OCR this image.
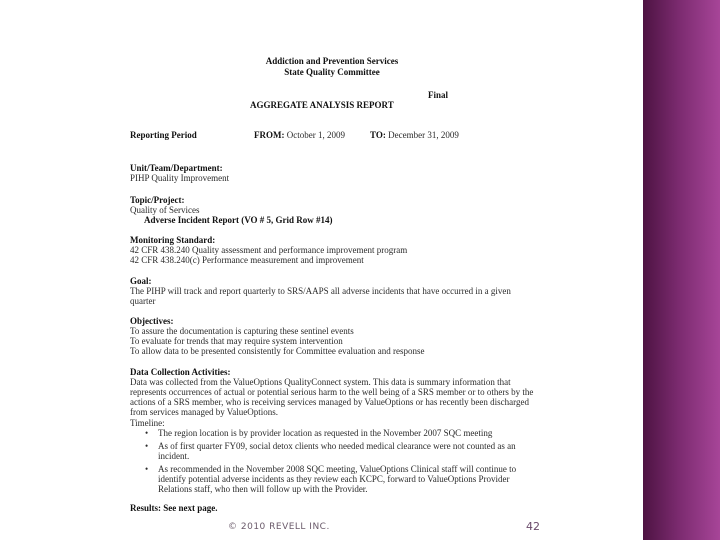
Addiction and Prevention Services
State Quality Committee
Final
AGGREGATE ANALYSIS REPORT
Reporting Period	FROM: October 1, 2009	TO: December 31, 2009
Unit/Team/Department:
PIHP Quality Improvement
Topic/Project:
Quality of Services
Adverse Incident Report (VO # 5, Grid Row #14)
Monitoring Standard:
42 CFR 438.240 Quality assessment and performance improvement program
42 CFR 438.240(c) Performance measurement and improvement
Goal:
The PIHP will track and report quarterly to SRS/AAPS all adverse incidents that have occurred in a given
quarter
Objectives:
To assure the documentation is capturing these sentinel events
To evaluate for trends that may require system intervention
To allow data to be presented consistently for Committee evaluation and response
Data Collection Activities:
Data was collected from the ValueOptions QualityConnect system. This data is summary information that
represents occurrences of actual or potential serious harm to the well being of a SRS member or to others by the
actions of a SRS member, who is receiving services managed by ValueOptions or has recently been discharged
from services managed by ValueOptions.
Timeline:
• The region location is by provider location as requested in the November 2007 SQC meeting
• As of first quarter FY09, social detox clients who needed medical clearance were not counted as an
incident.
• As recommended in the November 2008 SQC meeting, ValueOptions Clinical staff will continue to
identify potential adverse incidents as they review each KCPC, forward to ValueOptions Provider
Relations staff, who then will follow up with the Provider.
Results: See next page.
© 2010 REVELL INC.	42
